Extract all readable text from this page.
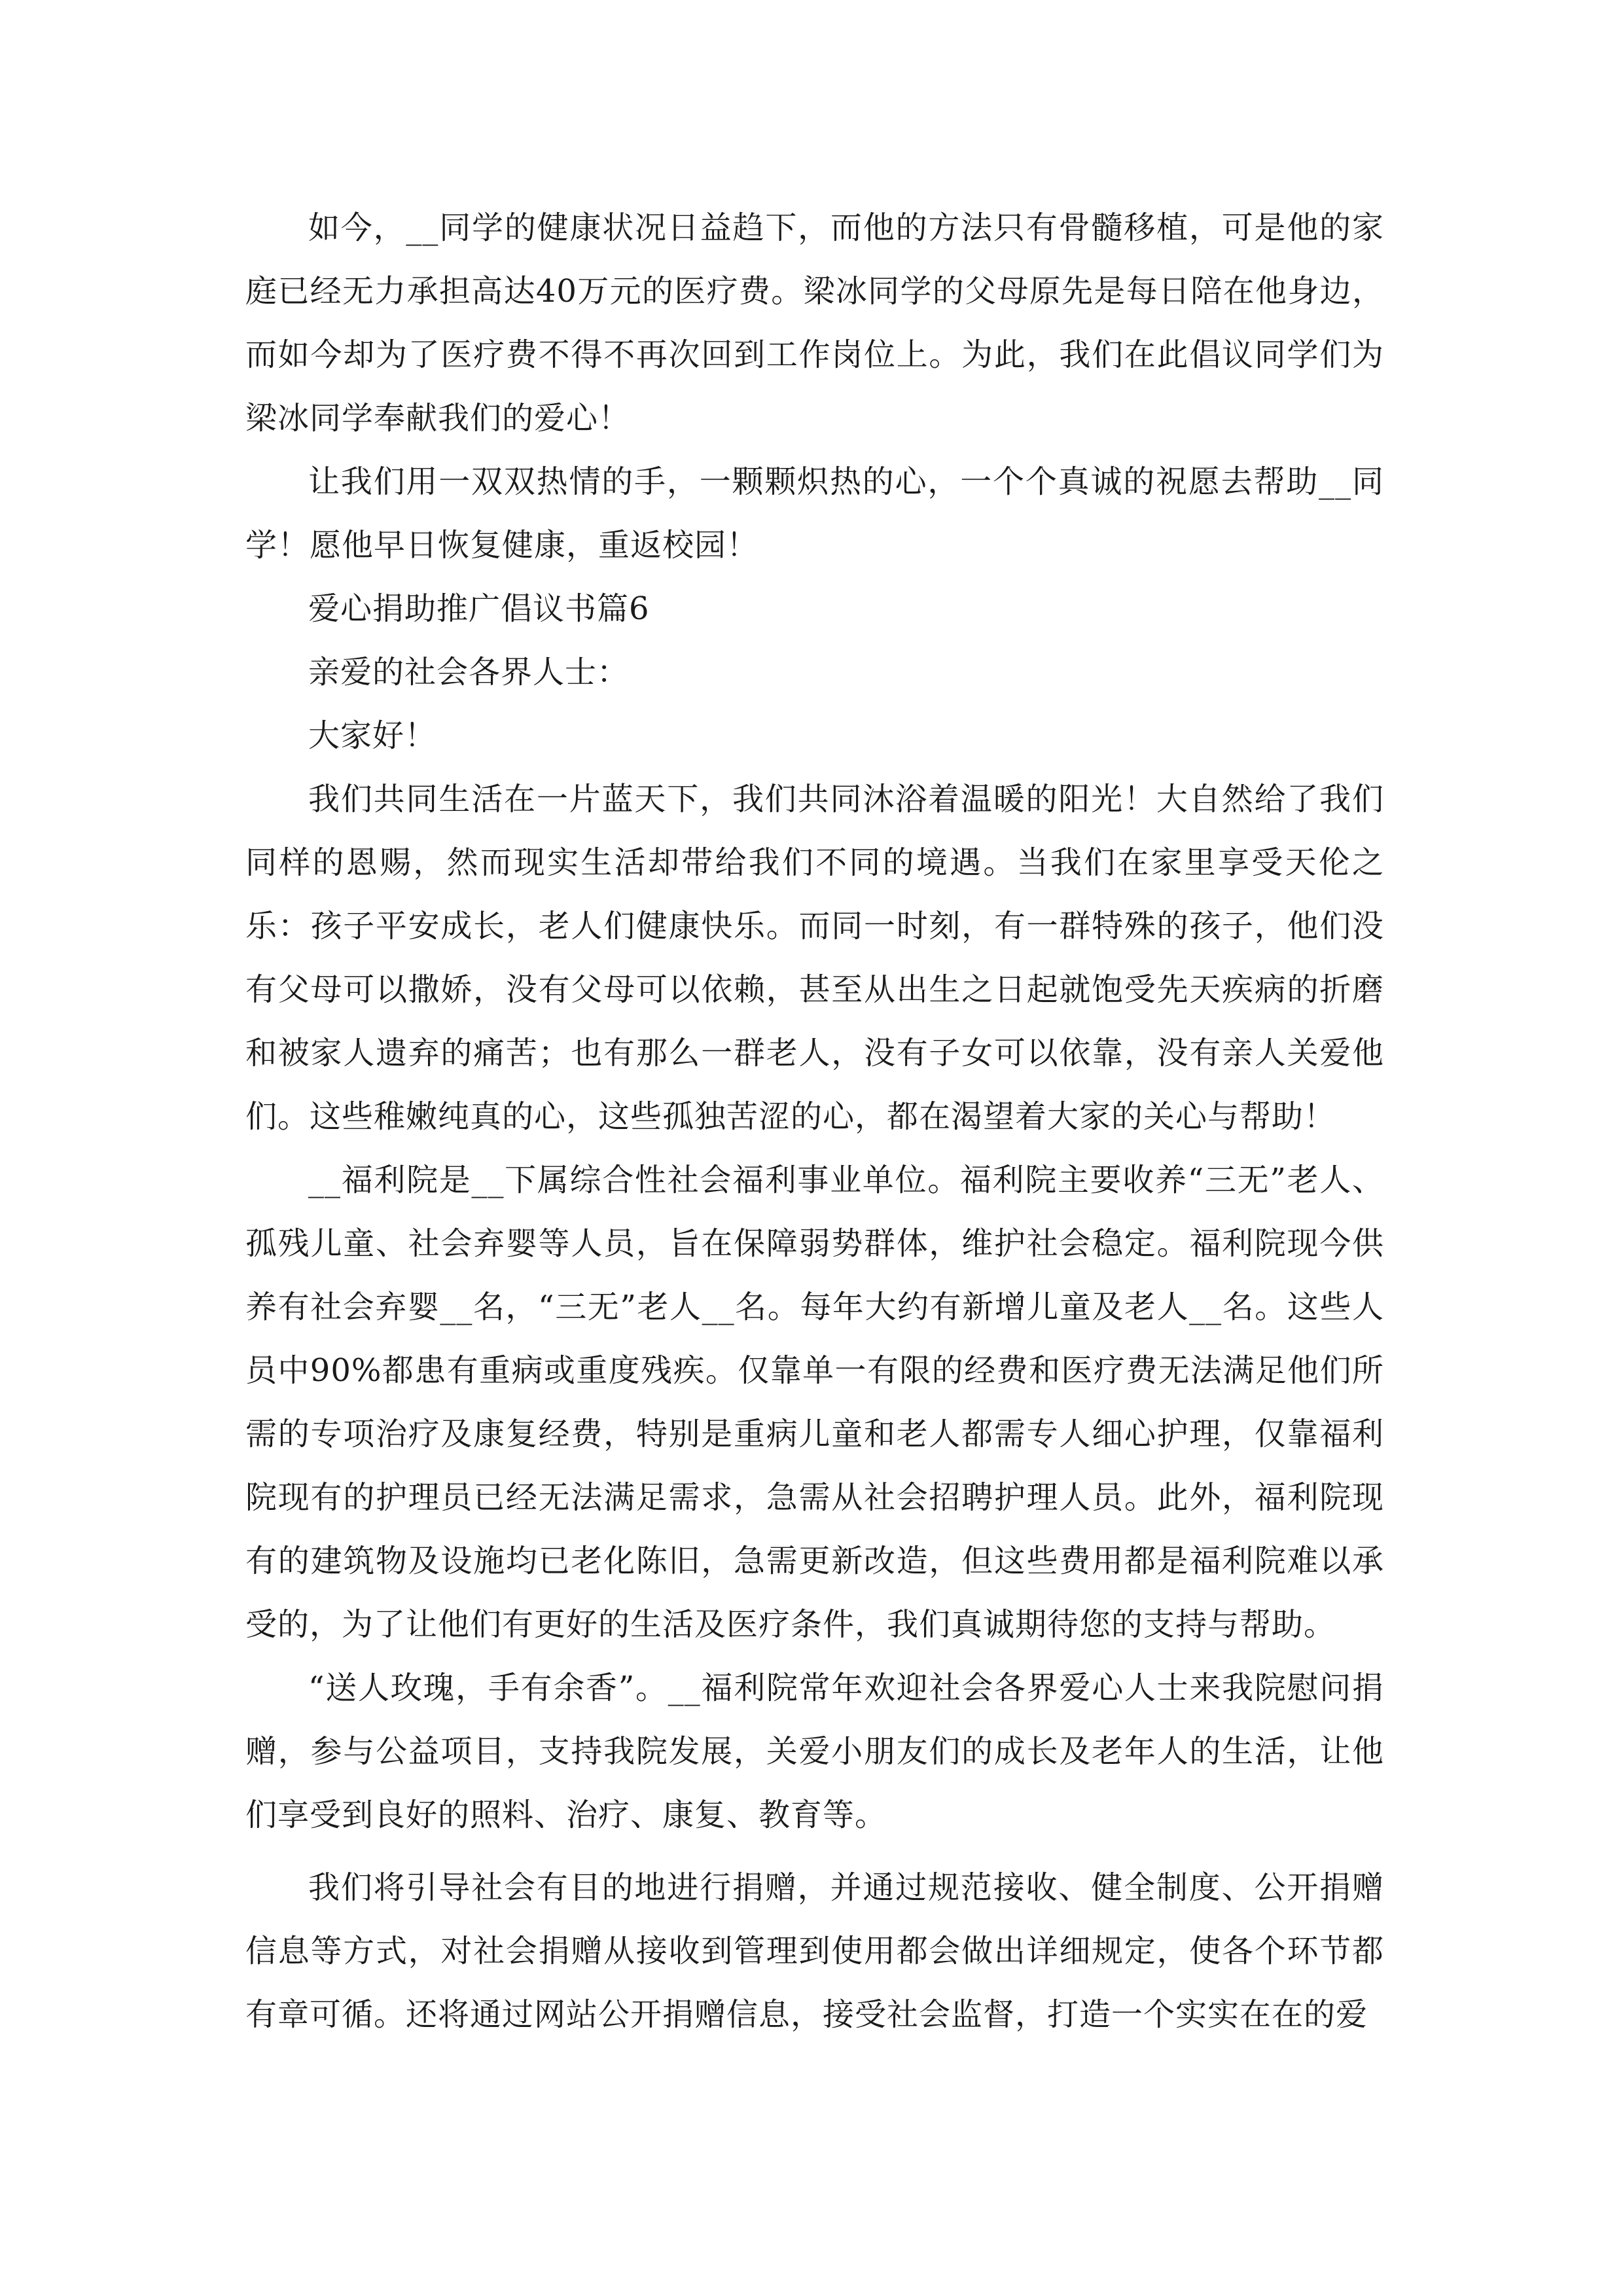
如今，__同学的健康状况日益趋下，而他的方法只有骨髓移植，可是他的家庭已经无力承担高达40万元的医疗费。梁冰同学的父母原先是每日陪在他身边，而如今却为了医疗费不得不再次回到工作岗位上。为此，我们在此倡议同学们为梁冰同学奉献我们的爱心！

让我们用一双双热情的手，一颗颗炽热的心，一个个真诚的祝愿去帮助__同学！愿他早日恢复健康，重返校园！

爱心捐助推广倡议书篇6

亲爱的社会各界人士：

大家好！

我们共同生活在一片蓝天下，我们共同沐浴着温暖的阳光！大自然给了我们同样的恩赐，然而现实生活却带给我们不同的境遇。当我们在家里享受天伦之乐：孩子平安成长，老人们健康快乐。而同一时刻，有一群特殊的孩子，他们没有父母可以撒娇，没有父母可以依赖，甚至从出生之日起就饱受先天疾病的折磨和被家人遗弃的痛苦；也有那么一群老人，没有子女可以依靠，没有亲人关爱他们。这些稚嫩纯真的心，这些孤独苦涩的心，都在渴望着大家的关心与帮助！

__福利院是__下属综合性社会福利事业单位。福利院主要收养“三无”老人、孤残儿童、社会弃婴等人员，旨在保障弱势群体，维护社会稳定。福利院现今供养有社会弃婴__名，“三无”老人__名。每年大约有新增儿童及老人__名。这些人员中90%都患有重病或重度残疾。仅靠单一有限的经费和医疗费无法满足他们所需的专项治疗及康复经费，特别是重病儿童和老人都需专人细心护理，仅靠福利院现有的护理员已经无法满足需求，急需从社会招聘护理人员。此外，福利院现有的建筑物及设施均已老化陈旧，急需更新改造，但这些费用都是福利院难以承受的，为了让他们有更好的生活及医疗条件，我们真诚期待您的支持与帮助。

“送人玫瑰，手有余香”。__福利院常年欢迎社会各界爱心人士来我院慰问捐赠，参与公益项目，支持我院发展，关爱小朋友们的成长及老年人的生活，让他们享受到良好的照料、治疗、康复、教育等。

我们将引导社会有目的地进行捐赠，并通过规范接收、健全制度、公开捐赠信息等方式，对社会捐赠从接收到管理到使用都会做出详细规定，使各个环节都有章可循。还将通过网站公开捐赠信息，接受社会监督，打造一个实实在在的爱
